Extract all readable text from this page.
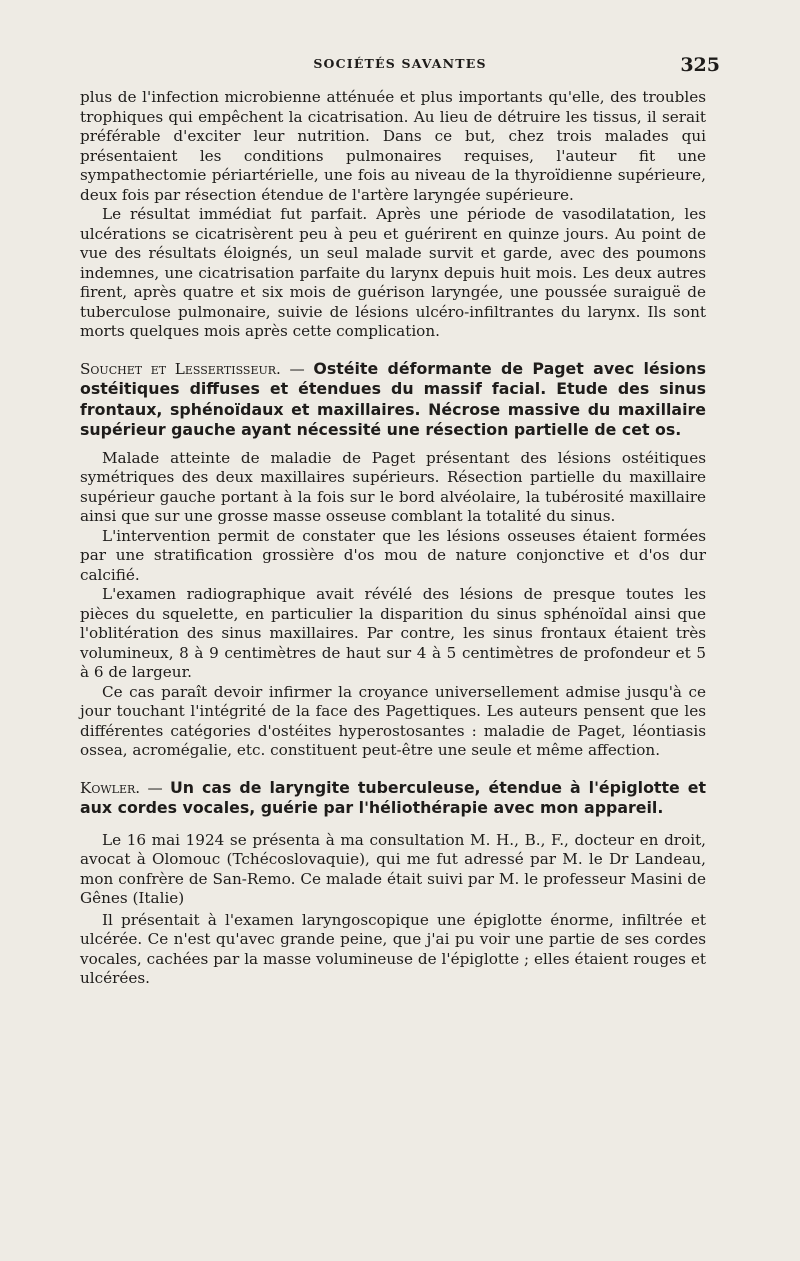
SOCIÉTÉS SAVANTES	325

plus de l'infection microbienne atténuée et plus importants qu'elle, des troubles trophiques qui empêchent la cicatrisation. Au lieu de détruire les tissus, il serait préférable d'exciter leur nutrition. Dans ce but, chez trois malades qui présentaient les conditions pulmonaires requises, l'auteur fit une sympathectomie périartérielle, une fois au niveau de la thyroïdienne supérieure, deux fois par résection étendue de l'artère laryngée supérieure.

Le résultat immédiat fut parfait. Après une période de vasodilatation, les ulcérations se cicatrisèrent peu à peu et guérirent en quinze jours. Au point de vue des résultats éloignés, un seul malade survit et garde, avec des poumons indemnes, une cicatrisation parfaite du larynx depuis huit mois. Les deux autres firent, après quatre et six mois de guérison laryngée, une poussée suraiguë de tuberculose pulmonaire, suivie de lésions ulcéro-infiltrantes du larynx. Ils sont morts quelques mois après cette complication.

Souchet et Lessertisseur. — Ostéite déformante de Paget avec lésions ostéitiques diffuses et étendues du massif facial. Etude des sinus frontaux, sphénoïdaux et maxillaires. Nécrose massive du maxillaire supérieur gauche ayant nécessité une résection partielle de cet os.

Malade atteinte de maladie de Paget présentant des lésions ostéitiques symétriques des deux maxillaires supérieurs. Résection partielle du maxillaire supérieur gauche portant à la fois sur le bord alvéolaire, la tubérosité maxillaire ainsi que sur une grosse masse osseuse comblant la totalité du sinus.

L'intervention permit de constater que les lésions osseuses étaient formées par une stratification grossière d'os mou de nature conjonctive et d'os dur calcifié.

L'examen radiographique avait révélé des lésions de presque toutes les pièces du squelette, en particulier la disparition du sinus sphénoïdal ainsi que l'oblitération des sinus maxillaires. Par contre, les sinus frontaux étaient très volumineux, 8 à 9 centimètres de haut sur 4 à 5 centimètres de profondeur et 5 à 6 de largeur.

Ce cas paraît devoir infirmer la croyance universellement admise jusqu'à ce jour touchant l'intégrité de la face des Pagettiques. Les auteurs pensent que les différentes catégories d'ostéites hyperostosantes : maladie de Paget, léontiasis ossea, acromégalie, etc. constituent peut-être une seule et même affection.

Kowler. — Un cas de laryngite tuberculeuse, étendue à l'épiglotte et aux cordes vocales, guérie par l'héliothérapie avec mon appareil.

Le 16 mai 1924 se présenta à ma consultation M. H., B., F., docteur en droit, avocat à Olomouc (Tchécoslovaquie), qui me fut adressé par M. le Dr Landeau, mon confrère de San-Remo. Ce malade était suivi par M. le professeur Masini de Gênes (Italie)

Il présentait à l'examen laryngoscopique une épiglotte énorme, infiltrée et ulcérée. Ce n'est qu'avec grande peine, que j'ai pu voir une partie de ses cordes vocales, cachées par la masse volumineuse de l'épiglotte ; elles étaient rouges et ulcérées.
